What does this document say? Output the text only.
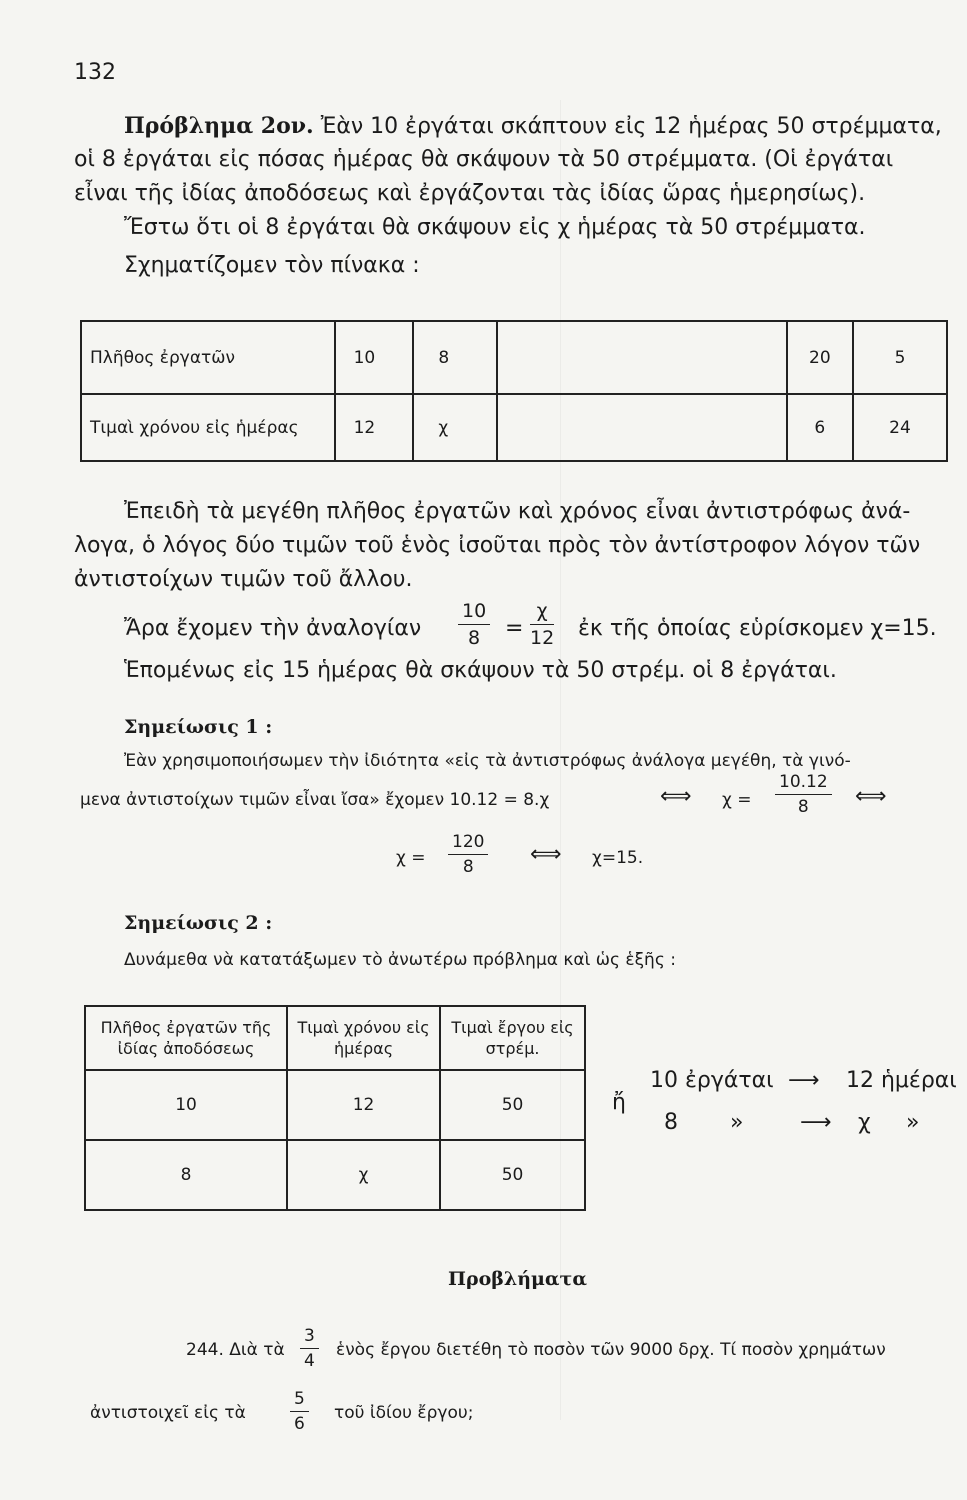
132
Πρόβλημα 2ον. Ἐὰν 10 ἐργάται σκάπτουν εἰς 12 ἡμέρας 50 στρέμματα,
οἱ 8 ἐργάται εἰς πόσας ἡμέρας θὰ σκάψουν τὰ 50 στρέμματα. (Οἱ ἐργάται
εἶναι τῆς ἰδίας ἀποδόσεως καὶ ἐργάζονται τὰς ἰδίας ὥρας ἡμερησίως).
Ἔστω ὅτι οἱ 8 ἐργάται θὰ σκάψουν εἰς χ ἡμέρας τὰ 50 στρέμματα.
Σχηματίζομεν τὸν πίνακα :
Πλῆθος ἐργατῶν	10	8		20	5
Τιμαὶ χρόνου εἰς ἡμέρας	12	χ		6	24
Ἐπειδὴ τὰ μεγέθη πλῆθος ἐργατῶν καὶ χρόνος εἶναι ἀντιστρόφως ἀνά-
λογα, ὁ λόγος δύο τιμῶν τοῦ ἑνὸς ἰσοῦται πρὸς τὸν ἀντίστροφον λόγον τῶν
ἀντιστοίχων τιμῶν τοῦ ἄλλου.
Ἄρα ἔχομεν τὴν ἀναλογίαν $\frac{10}{8} = \frac{\chi}{12}$ ἐκ τῆς ὁποίας εὑρίσκομεν χ=15.
Ἑπομένως εἰς 15 ἡμέρας θὰ σκάψουν τὰ 50 στρέμ. οἱ 8 ἐργάται.
Σημείωσις 1 :
Ἐὰν χρησιμοποιήσωμεν τὴν ἰδιότητα «εἰς τὰ ἀντιστρόφως ἀνάλογα μεγέθη, τὰ γινό-
μενα ἀντιστοίχων τιμῶν εἶναι ἴσα» ἔχομεν 10.12 = 8.χ	⟺ $\chi = \frac{10.12}{8}$ ⟺
$\chi = \frac{120}{8}$ ⟺ χ=15.
Σημείωσις 2 :
Δυνάμεθα νὰ κατατάξωμεν τὸ ἀνωτέρω πρόβλημα καὶ ὡς ἑξῆς :
Πλῆθος ἐργατῶν τῆς ἰδίας ἀποδόσεως	Τιμαὶ χρόνου εἰς ἡμέρας	Τιμαὶ ἔργου εἰς στρέμ.
10	12	50
8	χ	50
ἤ
10 ἐργάται ⟶ 12 ἡμέραι
8 »	⟶ χ »
Προβλήματα
244. Διὰ τὰ $\frac{3}{4}$ ἑνὸς ἔργου διετέθη τὸ ποσὸν τῶν 9000 δρχ. Τί ποσὸν χρημάτων
ἀντιστοιχεῖ εἰς τὰ	$\frac{5}{6}$ τοῦ ἰδίου ἔργου;
